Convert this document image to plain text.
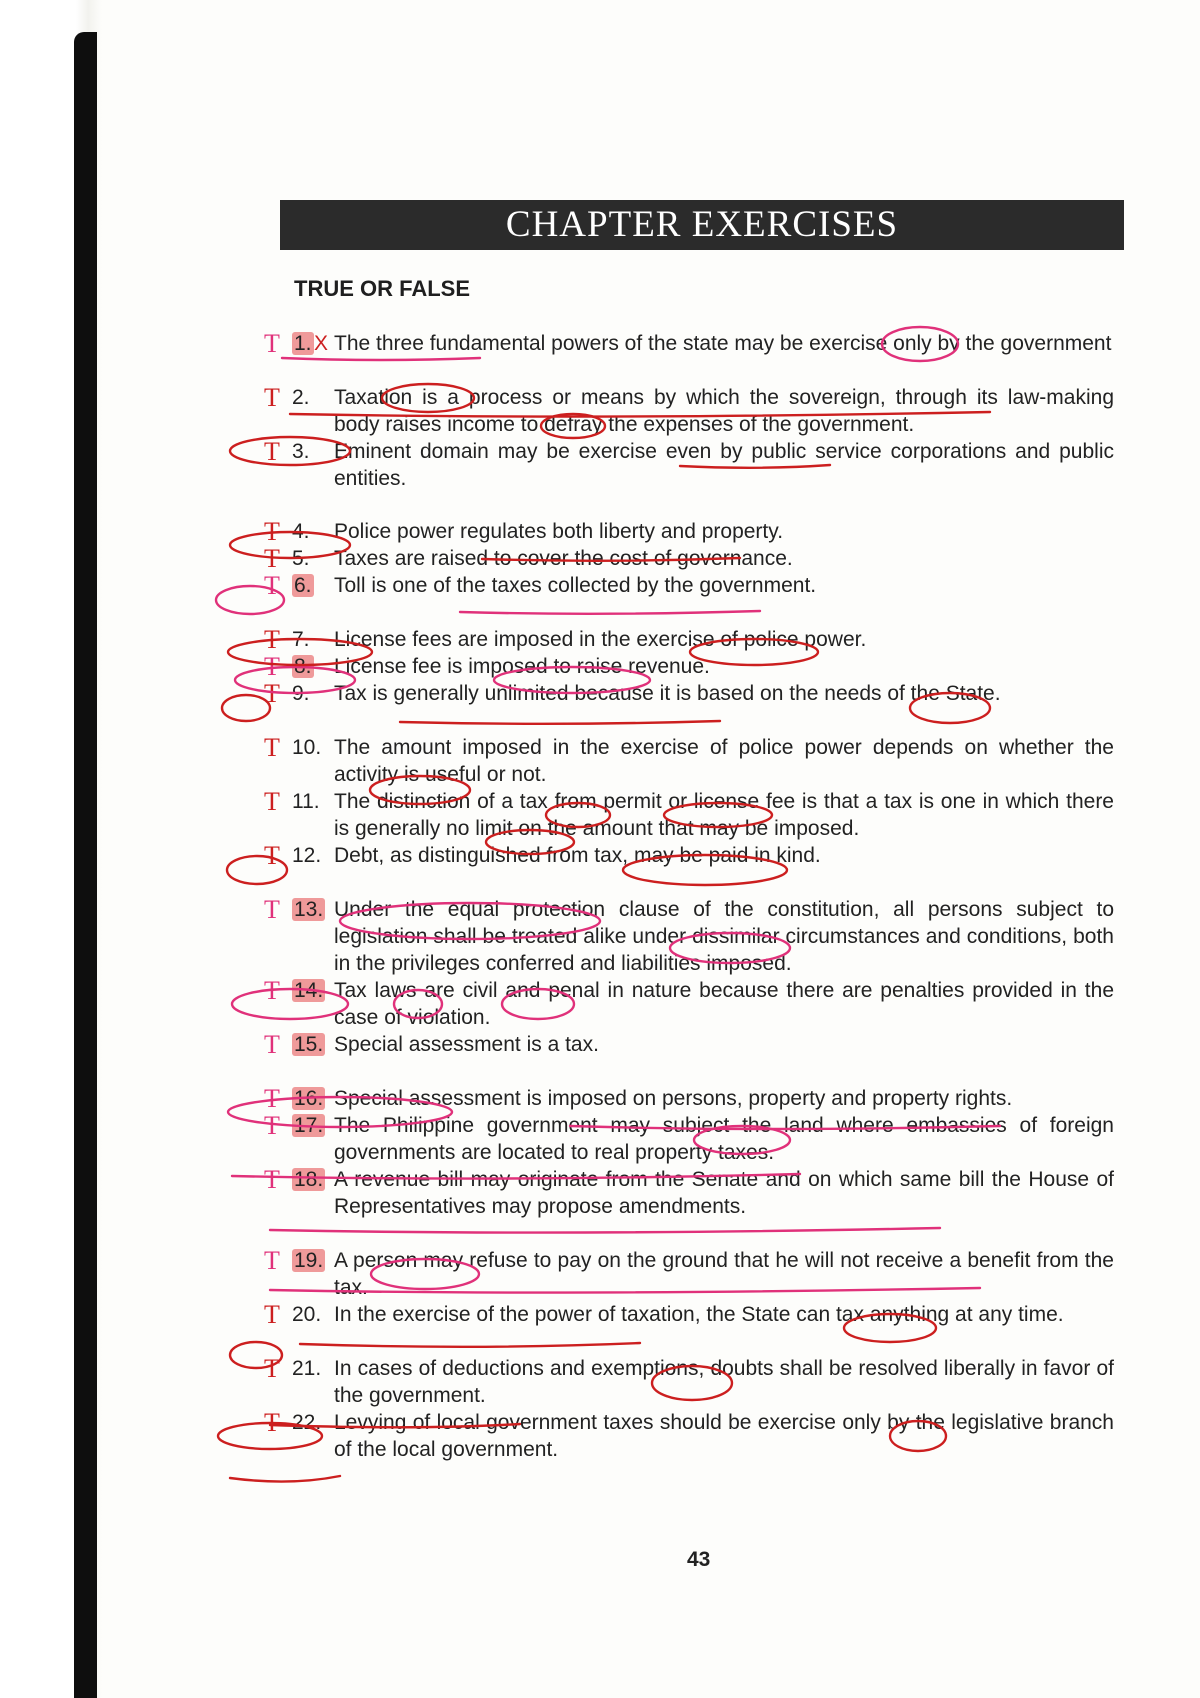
CHAPTER EXERCISES
TRUE OR FALSE
T 1. X The three fundamental powers of the state may be exercise only by the government
T 2.	Taxation is a process or means by which the sovereign, through its law-making body raises income to defray the expenses of the government.
T 3.	Eminent domain may be exercise even by public service corporations and public entities.
T 4.	Police power regulates both liberty and property.
T 5.	Taxes are raised to cover the cost of governance.
T 6.	Toll is one of the taxes collected by the government.
T 7.	License fees are imposed in the exercise of police power.
T 8.	License fee is imposed to raise revenue.
T 9.	Tax is generally unlimited because it is based on the needs of the State.
T 10. The amount imposed in the exercise of police power depends on whether the activity is useful or not.
T 11. The distinction of a tax from permit or license fee is that a tax is one in which there is generally no limit on the amount that may be imposed.
T 12. Debt, as distinguished from tax, may be paid in kind.
T 13. Under the equal protection clause of the constitution, all persons subject to legislation shall be treated alike under dissimilar circumstances and conditions, both in the privileges conferred and liabilities imposed.
T 14. Tax laws are civil and penal in nature because there are penalties provided in the case of violation.
T 15. Special assessment is a tax.
T 16. Special assessment is imposed on persons, property and property rights.
T 17. The Philippine government may subject the land where embassies of foreign governments are located to real property taxes.
T 18. A revenue bill may originate from the Senate and on which same bill the House of Representatives may propose amendments.
T 19. A person may refuse to pay on the ground that he will not receive a benefit from the tax.
T 20. In the exercise of the power of taxation, the State can tax anything at any time.
T 21. In cases of deductions and exemptions, doubts shall be resolved liberally in favor of the government.
T 22. Levying of local government taxes should be exercise only by the legislative branch of the local government.
43
